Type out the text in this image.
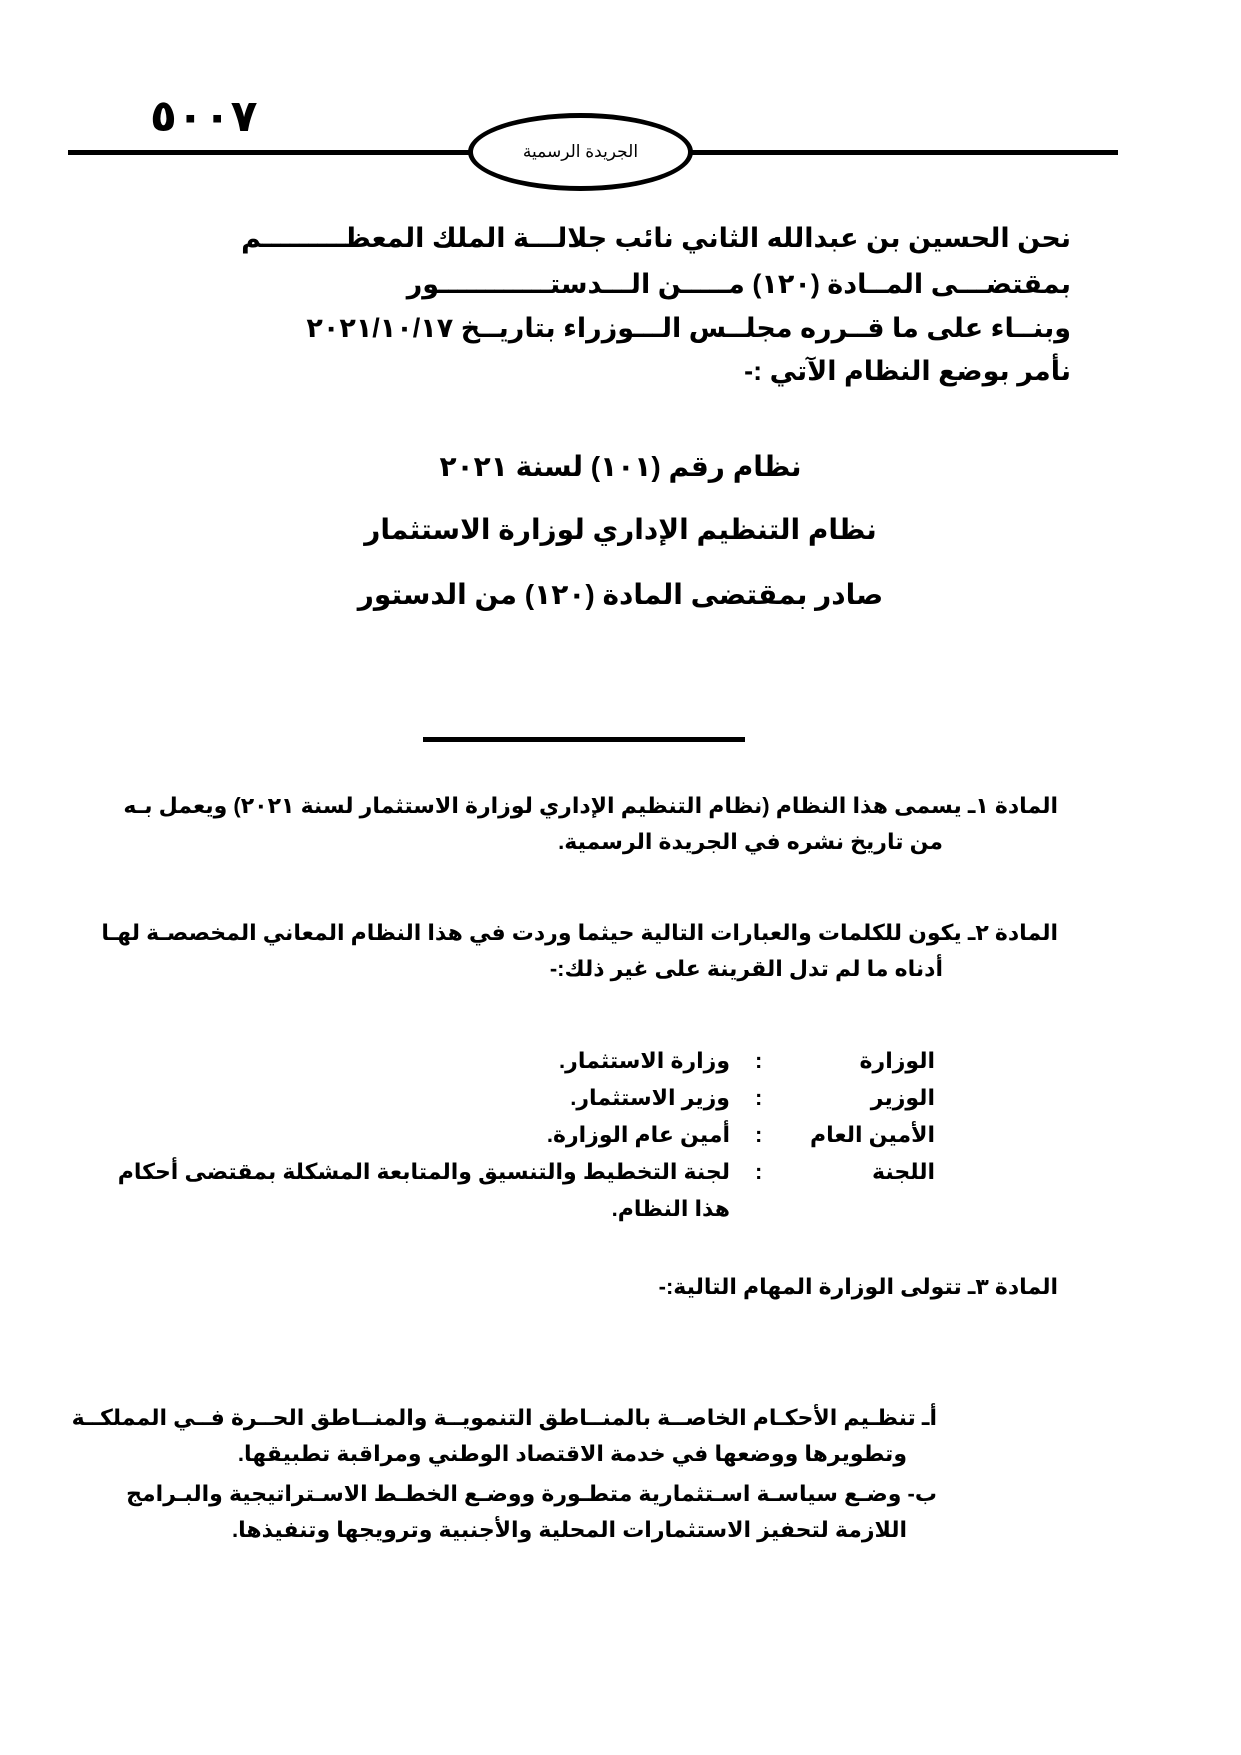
٥٠٠٧
الجريدة الرسمية
نحن الحسين بن عبدالله الثاني نائب جلالـــة الملك المعظـــــــــم
بمقتضـــى المــادة (١٢٠) مـــــن الـــدستــــــــــــور
وبنــاء على ما قــرره مجلــس الـــوزراء بتاريــخ ٢٠٢١/١٠/١٧
نأمر بوضع النظام الآتي :-
نظام رقم (١٠١) لسنة ٢٠٢١
نظام التنظيم الإداري لوزارة الاستثمار
صادر بمقتضى المادة (١٢٠) من الدستور
المادة ١ـ يسمى هذا النظام (نظام التنظيم الإداري لوزارة الاستثمار لسنة ٢٠٢١) ويعمل بـه
من تاريخ نشره في الجريدة الرسمية.
المادة ٢ـ يكون للكلمات والعبارات التالية حيثما وردت في هذا النظام المعاني المخصصـة لهـا
أدناه ما لم تدل القرينة على غير ذلك:-
الوزارة
:
وزارة الاستثمار.
الوزير
:
وزير الاستثمار.
الأمين العام
:
أمين عام الوزارة.
اللجنة
:
لجنة التخطيط والتنسيق والمتابعة المشكلة بمقتضى أحكام
هذا النظام.
المادة ٣ـ تتولى الوزارة المهام التالية:-
أـ تنظـيم الأحكـام الخاصــة بالمنــاطق التنمويــة والمنــاطق الحــرة فــي المملكــة
وتطويرها ووضعها في خدمة الاقتصاد الوطني ومراقبة تطبيقها.
ب- وضـع سياسـة اسـتثمارية متطـورة ووضـع الخطـط الاسـتراتيجية والبـرامج
اللازمة لتحفيز الاستثمارات المحلية والأجنبية وترويجها وتنفيذها.
